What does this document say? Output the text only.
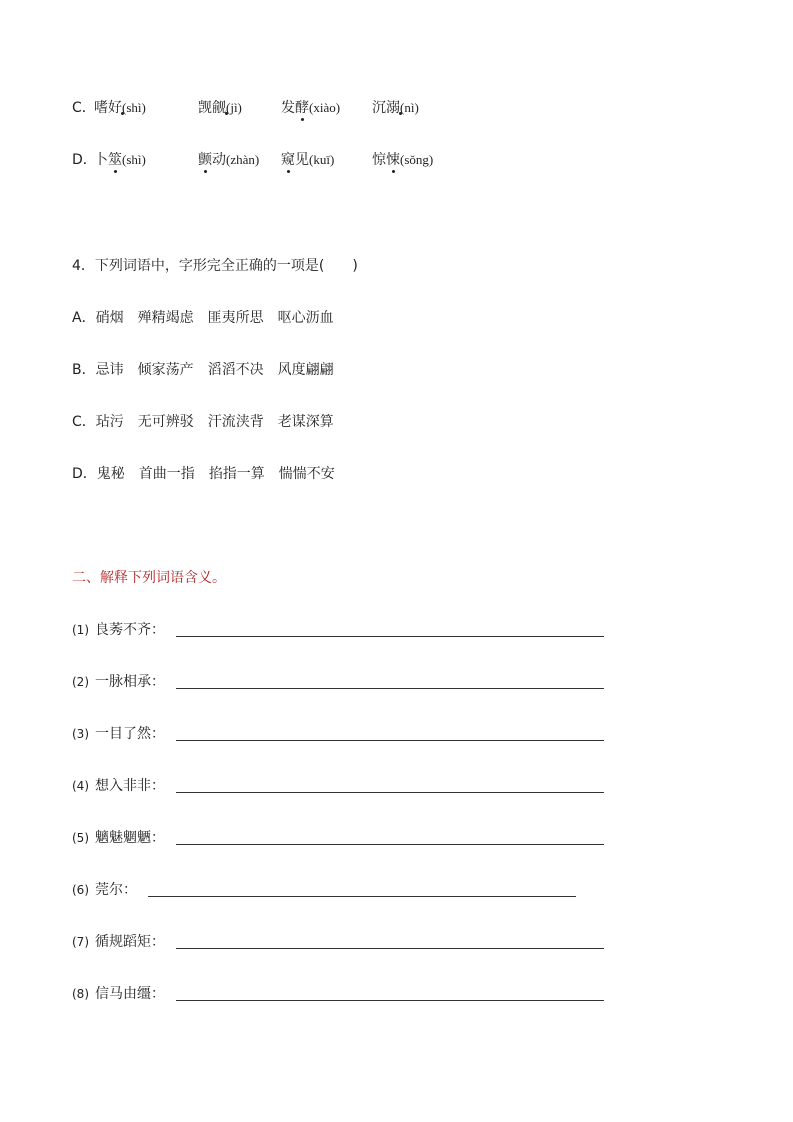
C．
嗜好(shì)	觊觎(jì)	发酵(xiào) 沉溺(nì)
D．
卜筮(shì)	颤动(zhàn) 窥见(kuī)	惊悚(sǒng)
4．下列词语中，字形完全正确的一项是(　　)
A．硝烟 殚精竭虑 匪夷所思 呕心沥血
B．忌讳 倾家荡产 滔滔不决 风度翩翩
C．玷污 无可辨驳 汗流浃背 老谋深算
D．鬼秘 首曲一指 掐指一算 惴惴不安
二、解释下列词语含义。
(1) 良莠不齐：
(2) 一脉相承：
(3) 一目了然：
(4) 想入非非：
(5) 魑魅魍魉：
(6) 莞尔：
(7) 循规蹈矩：
(8) 信马由缰：
